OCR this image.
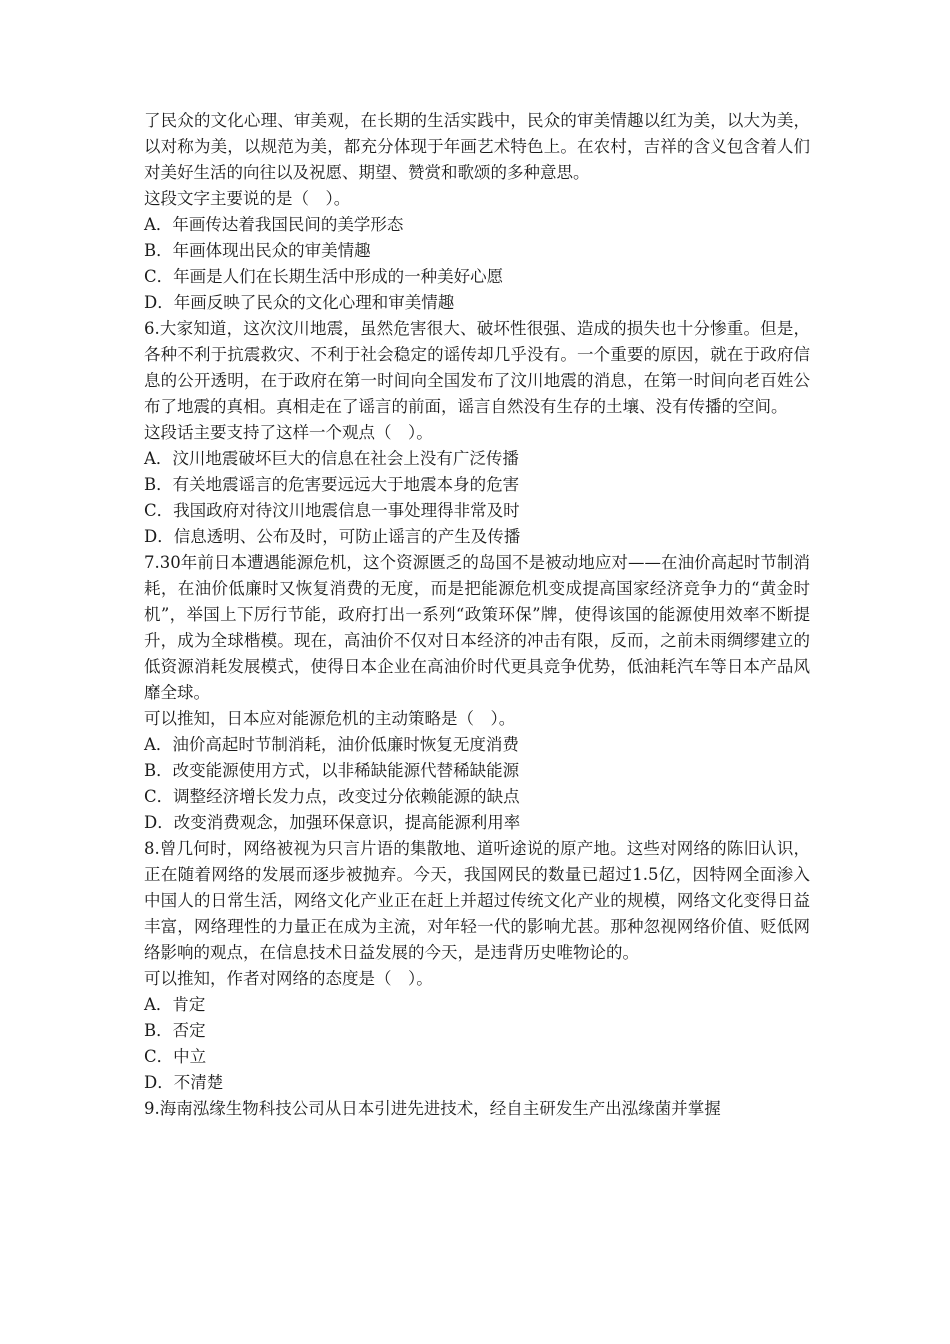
了民众的文化心理、审美观，在长期的生活实践中，民众的审美情趣以红为美，以大为美，以对称为美，以规范为美，都充分体现于年画艺术特色上。在农村，吉祥的含义包含着人们对美好生活的向往以及祝愿、期望、赞赏和歌颂的多种意思。

这段文字主要说的是（　）。

A．年画传达着我国民间的美学形态

B．年画体现出民众的审美情趣

C．年画是人们在长期生活中形成的一种美好心愿

D．年画反映了民众的文化心理和审美情趣

6.大家知道，这次汶川地震，虽然危害很大、破坏性很强、造成的损失也十分惨重。但是，各种不利于抗震救灾、不利于社会稳定的谣传却几乎没有。一个重要的原因，就在于政府信息的公开透明，在于政府在第一时间向全国发布了汶川地震的消息，在第一时间向老百姓公布了地震的真相。真相走在了谣言的前面，谣言自然没有生存的土壤、没有传播的空间。

这段话主要支持了这样一个观点（　）。

A．汶川地震破坏巨大的信息在社会上没有广泛传播

B．有关地震谣言的危害要远远大于地震本身的危害

C．我国政府对待汶川地震信息一事处理得非常及时

D．信息透明、公布及时，可防止谣言的产生及传播

7.30年前日本遭遇能源危机，这个资源匮乏的岛国不是被动地应对——在油价高起时节制消耗，在油价低廉时又恢复消费的无度，而是把能源危机变成提高国家经济竞争力的“黄金时机”，举国上下厉行节能，政府打出一系列“政策环保”牌，使得该国的能源使用效率不断提升，成为全球楷模。现在，高油价不仅对日本经济的冲击有限，反而，之前未雨绸缪建立的低资源消耗发展模式，使得日本企业在高油价时代更具竞争优势，低油耗汽车等日本产品风靡全球。

可以推知，日本应对能源危机的主动策略是（　）。

A．油价高起时节制消耗，油价低廉时恢复无度消费

B．改变能源使用方式，以非稀缺能源代替稀缺能源

C．调整经济增长发力点，改变过分依赖能源的缺点

D．改变消费观念，加强环保意识，提高能源利用率

8.曾几何时，网络被视为只言片语的集散地、道听途说的原产地。这些对网络的陈旧认识，正在随着网络的发展而逐步被抛弃。今天，我国网民的数量已超过1.5亿，因特网全面渗入中国人的日常生活，网络文化产业正在赶上并超过传统文化产业的规模，网络文化变得日益丰富，网络理性的力量正在成为主流，对年轻一代的影响尤甚。那种忽视网络价值、贬低网络影响的观点，在信息技术日益发展的今天，是违背历史唯物论的。

可以推知，作者对网络的态度是（　）。

A．肯定

B．否定

C．中立

D．不清楚

9.海南泓缘生物科技公司从日本引进先进技术，经自主研发生产出泓缘菌并掌握
